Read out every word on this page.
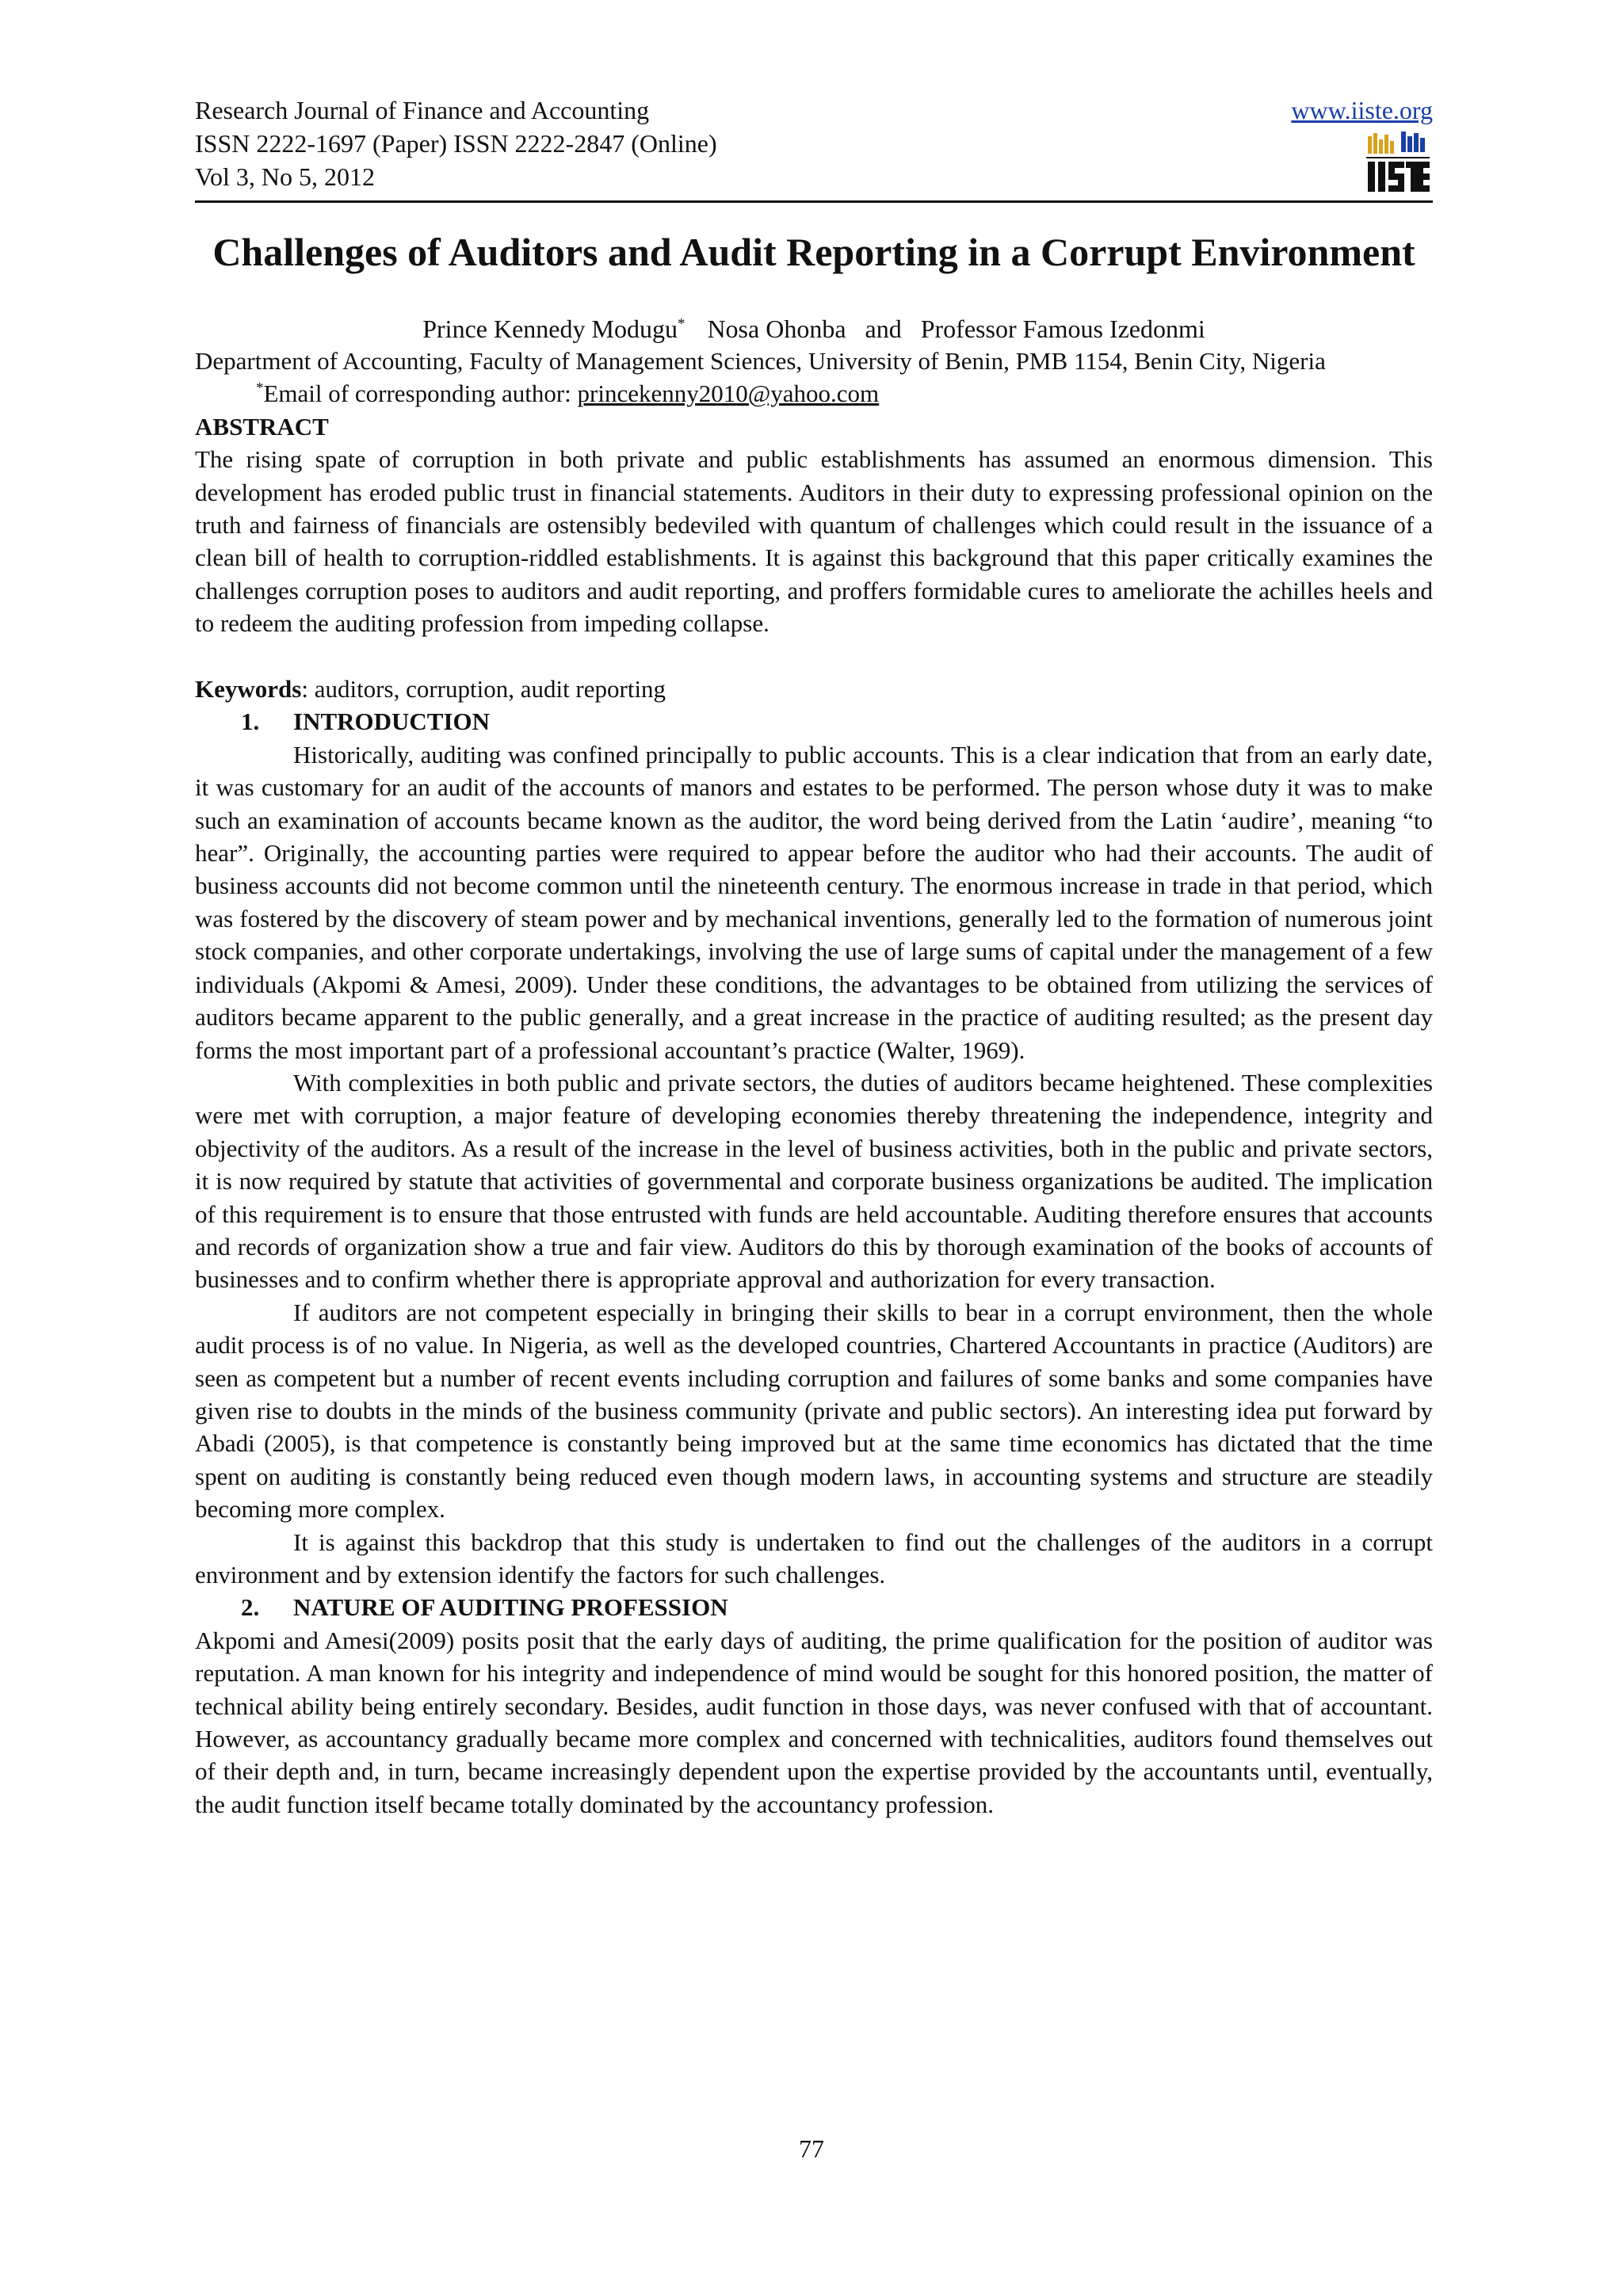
Research Journal of Finance and Accounting
ISSN 2222-1697 (Paper) ISSN 2222-2847 (Online)
Vol 3, No 5, 2012
www.iiste.org
Challenges of Auditors and Audit Reporting in a Corrupt Environment
Prince Kennedy Modugu* Nosa Ohonba and Professor Famous Izedonmi

Department of Accounting, Faculty of Management Sciences, University of Benin, PMB 1154, Benin City, Nigeria

*Email of corresponding author: princekenny2010@yahoo.com
ABSTRACT

The rising spate of corruption in both private and public establishments has assumed an enormous dimension. This development has eroded public trust in financial statements. Auditors in their duty to expressing professional opinion on the truth and fairness of financials are ostensibly bedeviled with quantum of challenges which could result in the issuance of a clean bill of health to corruption-riddled establishments. It is against this background that this paper critically examines the challenges corruption poses to auditors and audit reporting, and proffers formidable cures to ameliorate the achilles heels and to redeem the auditing profession from impeding collapse.

Keywords: auditors, corruption, audit reporting

1. INTRODUCTION

Historically, auditing was confined principally to public accounts. This is a clear indication that from an early date, it was customary for an audit of the accounts of manors and estates to be performed. The person whose duty it was to make such an examination of accounts became known as the auditor, the word being derived from the Latin ‘audire’, meaning “to hear”. Originally, the accounting parties were required to appear before the auditor who had their accounts. The audit of business accounts did not become common until the nineteenth century. The enormous increase in trade in that period, which was fostered by the discovery of steam power and by mechanical inventions, generally led to the formation of numerous joint stock companies, and other corporate undertakings, involving the use of large sums of capital under the management of a few individuals (Akpomi & Amesi, 2009). Under these conditions, the advantages to be obtained from utilizing the services of auditors became apparent to the public generally, and a great increase in the practice of auditing resulted; as the present day forms the most important part of a professional accountant’s practice (Walter, 1969).

With complexities in both public and private sectors, the duties of auditors became heightened. These complexities were met with corruption, a major feature of developing economies thereby threatening the independence, integrity and objectivity of the auditors. As a result of the increase in the level of business activities, both in the public and private sectors, it is now required by statute that activities of governmental and corporate business organizations be audited. The implication of this requirement is to ensure that those entrusted with funds are held accountable. Auditing therefore ensures that accounts and records of organization show a true and fair view. Auditors do this by thorough examination of the books of accounts of businesses and to confirm whether there is appropriate approval and authorization for every transaction.

If auditors are not competent especially in bringing their skills to bear in a corrupt environment, then the whole audit process is of no value. In Nigeria, as well as the developed countries, Chartered Accountants in practice (Auditors) are seen as competent but a number of recent events including corruption and failures of some banks and some companies have given rise to doubts in the minds of the business community (private and public sectors). An interesting idea put forward by Abadi (2005), is that competence is constantly being improved but at the same time economics has dictated that the time spent on auditing is constantly being reduced even though modern laws, in accounting systems and structure are steadily becoming more complex.

It is against this backdrop that this study is undertaken to find out the challenges of the auditors in a corrupt environment and by extension identify the factors for such challenges.

2. NATURE OF AUDITING PROFESSION

Akpomi and Amesi(2009) posits posit that the early days of auditing, the prime qualification for the position of auditor was reputation. A man known for his integrity and independence of mind would be sought for this honored position, the matter of technical ability being entirely secondary. Besides, audit function in those days, was never confused with that of accountant. However, as accountancy gradually became more complex and concerned with technicalities, auditors found themselves out of their depth and, in turn, became increasingly dependent upon the expertise provided by the accountants until, eventually, the audit function itself became totally dominated by the accountancy profession.

77
